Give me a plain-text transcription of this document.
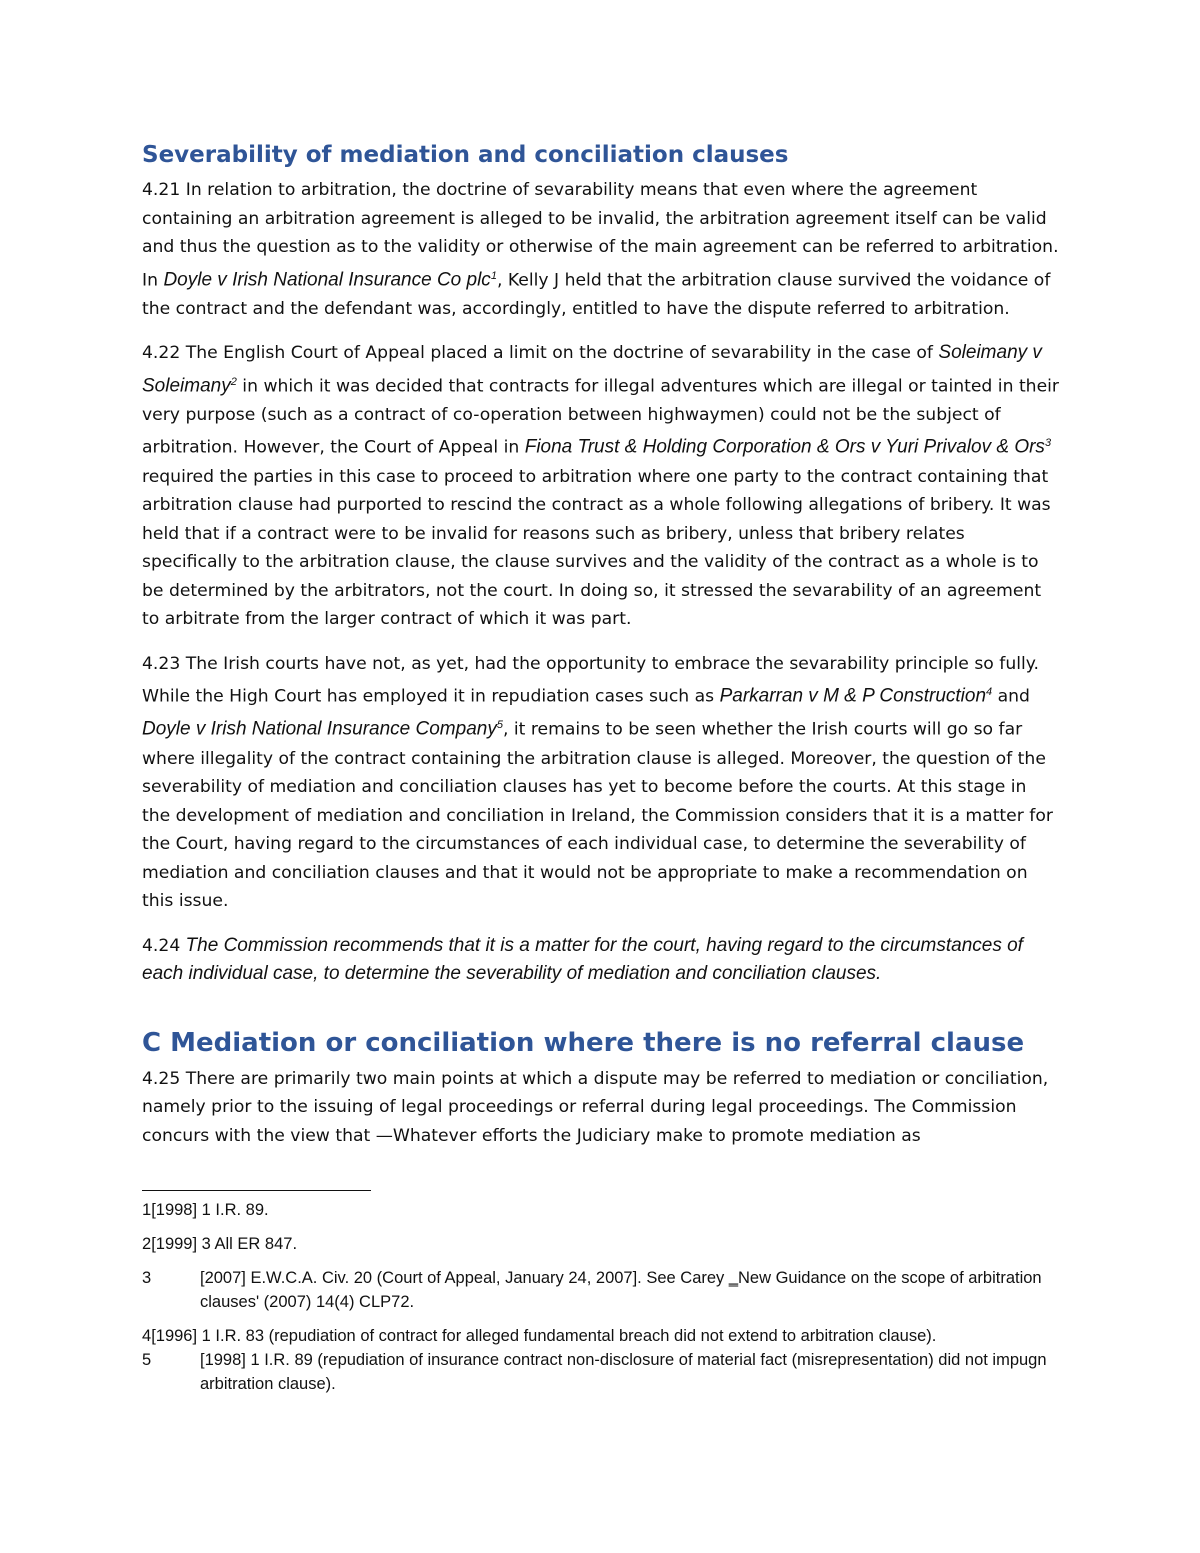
Severability of mediation and conciliation clauses

4.21 In relation to arbitration, the doctrine of sevarability means that even where the agreement containing an arbitration agreement is alleged to be invalid, the arbitration agreement itself can be valid and thus the question as to the validity or otherwise of the main agreement can be referred to arbitration. In Doyle v Irish National Insurance Co plc$^1$, Kelly J held that the arbitration clause survived the voidance of the contract and the defendant was, accordingly, entitled to have the dispute referred to arbitration.

4.22 The English Court of Appeal placed a limit on the doctrine of sevarability in the case of Soleimany v Soleimany$^2$ in which it was decided that contracts for illegal adventures which are illegal or tainted in their very purpose (such as a contract of co-operation between highwaymen) could not be the subject of arbitration. However, the Court of Appeal in Fiona Trust & Holding Corporation & Ors v Yuri Privalov & Ors$^3$ required the parties in this case to proceed to arbitration where one party to the contract containing that arbitration clause had purported to rescind the contract as a whole following allegations of bribery. It was held that if a contract were to be invalid for reasons such as bribery, unless that bribery relates specifically to the arbitration clause, the clause survives and the validity of the contract as a whole is to be determined by the arbitrators, not the court. In doing so, it stressed the sevarability of an agreement to arbitrate from the larger contract of which it was part.

4.23 The Irish courts have not, as yet, had the opportunity to embrace the sevarability principle so fully. While the High Court has employed it in repudiation cases such as Parkarran v M & P Construction$^4$ and Doyle v Irish National Insurance Company$^5$, it remains to be seen whether the Irish courts will go so far where illegality of the contract containing the arbitration clause is alleged. Moreover, the question of the severability of mediation and conciliation clauses has yet to become before the courts. At this stage in the development of mediation and conciliation in Ireland, the Commission considers that it is a matter for the Court, having regard to the circumstances of each individual case, to determine the severability of mediation and conciliation clauses and that it would not be appropriate to make a recommendation on this issue.

4.24 The Commission recommends that it is a matter for the court, having regard to the circumstances of each individual case, to determine the severability of mediation and conciliation clauses.

C Mediation or conciliation where there is no referral clause

4.25 There are primarily two main points at which a dispute may be referred to mediation or conciliation, namely prior to the issuing of legal proceedings or referral during legal proceedings. The Commission concurs with the view that —Whatever efforts the Judiciary make to promote mediation as

1 [1998] 1 I.R. 89.
2 [1999] 3 All ER 847.
3	[2007] E.W.C.A. Civ. 20 (Court of Appeal, January 24, 2007]. See Carey ‗New Guidance on the scope of arbitration clauses' (2007) 14(4) CLP72.
4 [1996] 1 I.R. 83 (repudiation of contract for alleged fundamental breach did not extend to arbitration clause).
5	[1998] 1 I.R. 89 (repudiation of insurance contract non-disclosure of material fact (misrepresentation) did not impugn arbitration clause).
